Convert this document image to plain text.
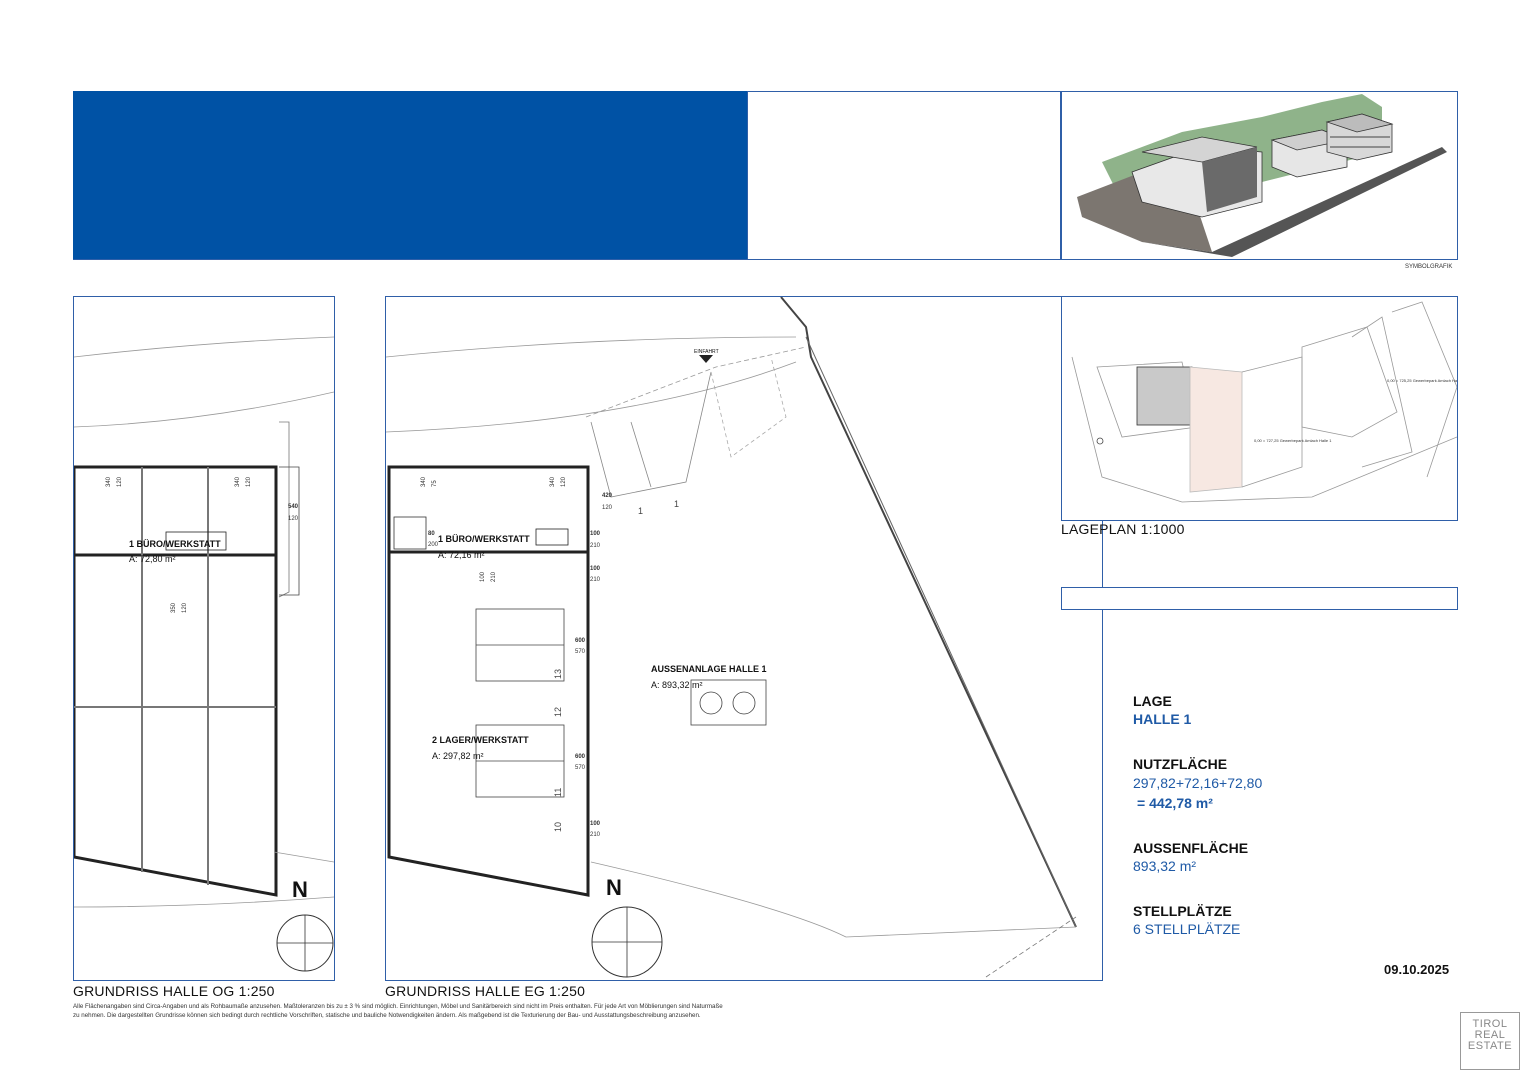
SYMBOLGRAFIK
N
1 BÜRO/WERKSTATT
A: 72,80 m²
340 120	340 120
540
120
350 120
GRUNDRISS HALLE OG 1:250
N
EINFAHRT
1 BÜRO/WERKSTATT
A: 72,16 m²
2 LAGER/WERKSTATT
A: 297,82 m²
AUSSENANLAGE HALLE 1
A: 893,32 m²
340 75	340 120
420
120
100
210
100
210
100 210
600
570
600
570
100
210
80
200
13
12
11
10
1
1
GRUNDRISS HALLE EG 1:250
0,00 = 727,25 Gewerbepark Amlach Halle 1
0,00 = 725,25 Gewerbepark Amlach Halle 2
LAGEPLAN 1:1000
LAGE
HALLE 1
NUTZFLÄCHE
297,82+72,16+72,80
= 442,78 m²
AUSSENFLÄCHE
893,32 m²
STELLPLÄTZE
6 STELLPLÄTZE
09.10.2025
Alle Flächenangaben sind Circa-Angaben und als Rohbaumaße anzusehen. Maßtoleranzen bis zu ± 3 % sind möglich. Einrichtungen, Möbel und Sanitärbereich sind nicht im Preis enthalten. Für jede Art von Möblierungen sind Naturmaße
zu nehmen. Die dargestellten Grundrisse können sich bedingt durch rechtliche Vorschriften, statische und bauliche Notwendigkeiten ändern. Als maßgebend ist die Texturierung der Bau- und Ausstattungsbeschreibung anzusehen.
TIROL
REAL
ESTATE
